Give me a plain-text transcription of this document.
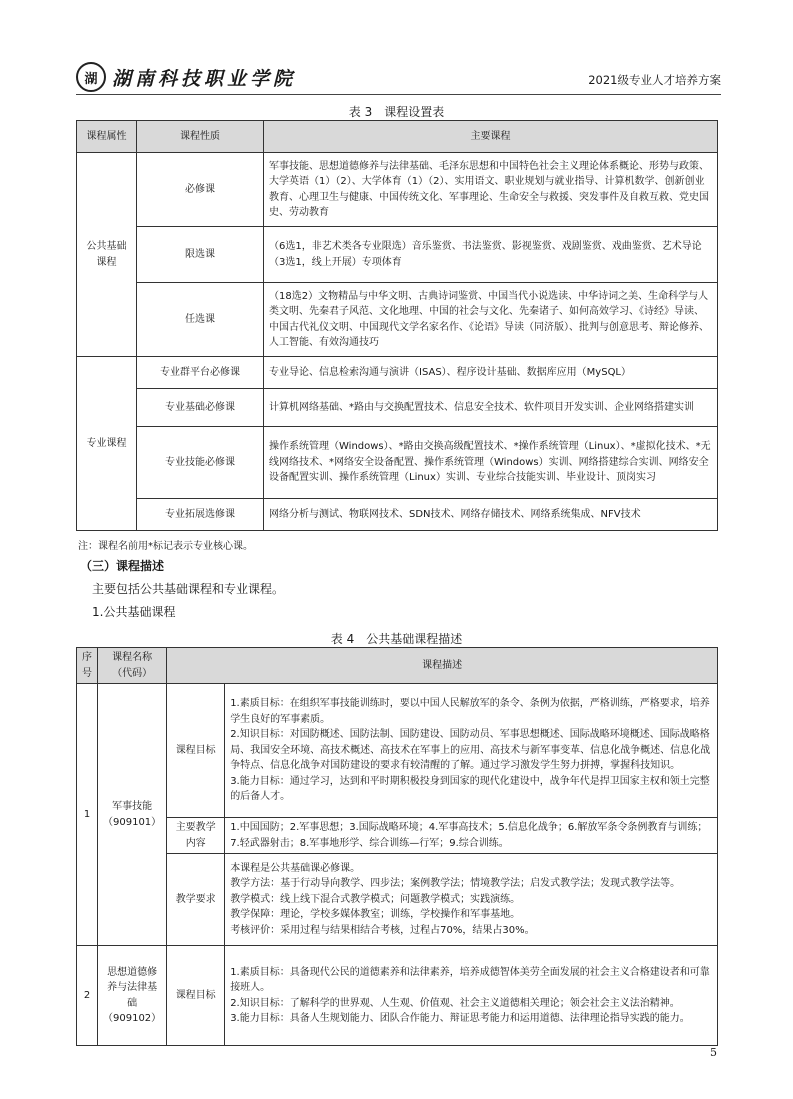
湖 湖南科技职业学院	2021级专业人才培养方案
表 3　课程设置表
课程属性	课程性质	主要课程
公共基础课程	必修课	军事技能、思想道德修养与法律基础、毛泽东思想和中国特色社会主义理论体系概论、形势与政策、大学英语（1）（2）、大学体育（1）（2）、实用语文、职业规划与就业指导、计算机数学、创新创业教育、心理卫生与健康、中国传统文化、军事理论、生命安全与救援、突发事件及自救互救、党史国史、劳动教育
	限选课	（6选1，非艺术类各专业限选）音乐鉴赏、书法鉴赏、影视鉴赏、戏剧鉴赏、戏曲鉴赏、艺术导论
（3选1，线上开展）专项体育
	任选课	（18选2）文物精品与中华文明、古典诗词鉴赏、中国当代小说选读、中华诗词之美、生命科学与人类文明、先秦君子风范、文化地理、中国的社会与文化、先秦诸子、如何高效学习、《诗经》导读、中国古代礼仪文明、中国现代文学名家名作、《论语》导读（同济版）、批判与创意思考、辩论修养、人工智能、有效沟通技巧
专业课程	专业群平台必修课	专业导论、信息检索沟通与演讲（ISAS）、程序设计基础、数据库应用（MySQL）
	专业基础必修课	计算机网络基础、*路由与交换配置技术、信息安全技术、软件项目开发实训、企业网络搭建实训
	专业技能必修课	操作系统管理（Windows）、*路由交换高级配置技术、*操作系统管理（Linux）、*虚拟化技术、*无线网络技术、*网络安全设备配置、操作系统管理（Windows）实训、网络搭建综合实训、网络安全设备配置实训、操作系统管理（Linux）实训、专业综合技能实训、毕业设计、顶岗实习
	专业拓展选修课	网络分析与测试、物联网技术、SDN技术、网络存储技术、网络系统集成、NFV技术
注：课程名前用*标记表示专业核心课。
（三）课程描述
主要包括公共基础课程和专业课程。
1.公共基础课程
表 4　公共基础课程描述
序号	课程名称（代码）	课程描述	
1	军事技能（909101）	课程目标	1.素质目标：在组织军事技能训练时，要以中国人民解放军的条令、条例为依据，严格训练，严格要求，培养学生良好的军事素质。
2.知识目标：对国防概述、国防法制、国防建设、国防动员、军事思想概述、国际战略环境概述、国际战略格局、我国安全环境、高技术概述、高技术在军事上的应用、高技术与新军事变革、信息化战争概述、信息化战争特点、信息化战争对国防建设的要求有较清醒的了解。通过学习激发学生努力拼搏，掌握科技知识。
3.能力目标：通过学习，达到和平时期积极投身到国家的现代化建设中，战争年代是捍卫国家主权和领土完整的后备人才。

		主要教学内容	1.中国国防；2.军事思想；3.国际战略环境；4.军事高技术；5.信息化战争；6.解放军条令条例教育与训练；7.轻武器射击；8.军事地形学、综合训练—行军；9.综合训练。
		教学要求	本课程是公共基础课必修课。
教学方法：基于行动导向教学、四步法；案例教学法；情境教学法；启发式教学法；发现式教学法等。
教学模式：线上线下混合式教学模式；问题教学模式；实践演练。
教学保障：理论，学校多媒体教室；训练，学校操作和军事基地。
考核评价：采用过程与结果相结合考核，过程占70%，结果占30%。

2	思想道德修养与法律基础（909102）	课程目标	1.素质目标：具备现代公民的道德素养和法律素养，培养成德智体美劳全面发展的社会主义合格建设者和可靠接班人。
2.知识目标：了解科学的世界观、人生观、价值观、社会主义道德相关理论；领会社会主义法治精神。
3.能力目标：具备人生规划能力、团队合作能力、辩证思考能力和运用道德、法律理论指导实践的能力。
5
